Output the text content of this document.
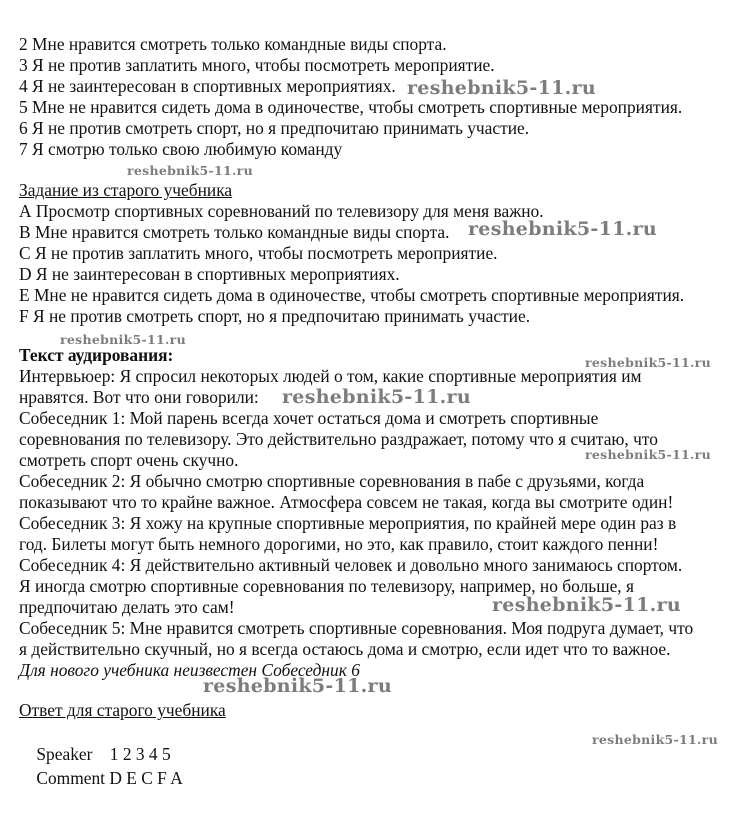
2 Мне нравится смотреть только командные виды спорта.
3 Я не против заплатить много, чтобы посмотреть мероприятие.
4 Я не заинтересован в спортивных мероприятиях.
5 Мне не нравится сидеть дома в одиночестве, чтобы смотреть спортивные мероприятия.
6 Я не против смотреть спорт, но я предпочитаю принимать участие.
7 Я смотрю только свою любимую команду
Задание из старого учебника
А Просмотр спортивных соревнований по телевизору для меня важно.
В Мне нравится смотреть только командные виды спорта.
С Я не против заплатить много, чтобы посмотреть мероприятие.
D Я не заинтересован в спортивных мероприятиях.
Е Мне не нравится сидеть дома в одиночестве, чтобы смотреть спортивные мероприятия.
F Я не против смотреть спорт, но я предпочитаю принимать участие.
Текст аудирования:
Интервьюер: Я спросил некоторых людей о том, какие спортивные мероприятия им
нравятся. Вот что они говорили:
Собеседник 1: Мой парень всегда хочет остаться дома и смотреть спортивные
соревнования по телевизору. Это действительно раздражает, потому что я считаю, что
смотреть спорт очень скучно.
Собеседник 2: Я обычно смотрю спортивные соревнования в пабе с друзьями, когда
показывают что то крайне важное. Атмосфера совсем не такая, когда вы смотрите один!
Собеседник 3: Я хожу на крупные спортивные мероприятия, по крайней мере один раз в
год. Билеты могут быть немного дорогими, но это, как правило, стоит каждого пенни!
Собеседник 4: Я действительно активный человек и довольно много занимаюсь спортом.
Я иногда смотрю спортивные соревнования по телевизору, например, но больше, я
предпочитаю делать это сам!
Собеседник 5: Мне нравится смотреть спортивные соревнования. Моя подруга думает, что
я действительно скучный, но я всегда остаюсь дома и смотрю, если идет что то важное.
Для нового учебника неизвестен Собеседник 6
Ответ для старого учебника

Speaker 1 2 3 4 5

Comment D E C F A

reshebnik5-11.ru
reshebnik5-11.ru
reshebnik5-11.ru
reshebnik5-11.ru
reshebnik5-11.ru
reshebnik5-11.ru
reshebnik5-11.ru
reshebnik5-11.ru
reshebnik5-11.ru
reshebnik5-11.ru
